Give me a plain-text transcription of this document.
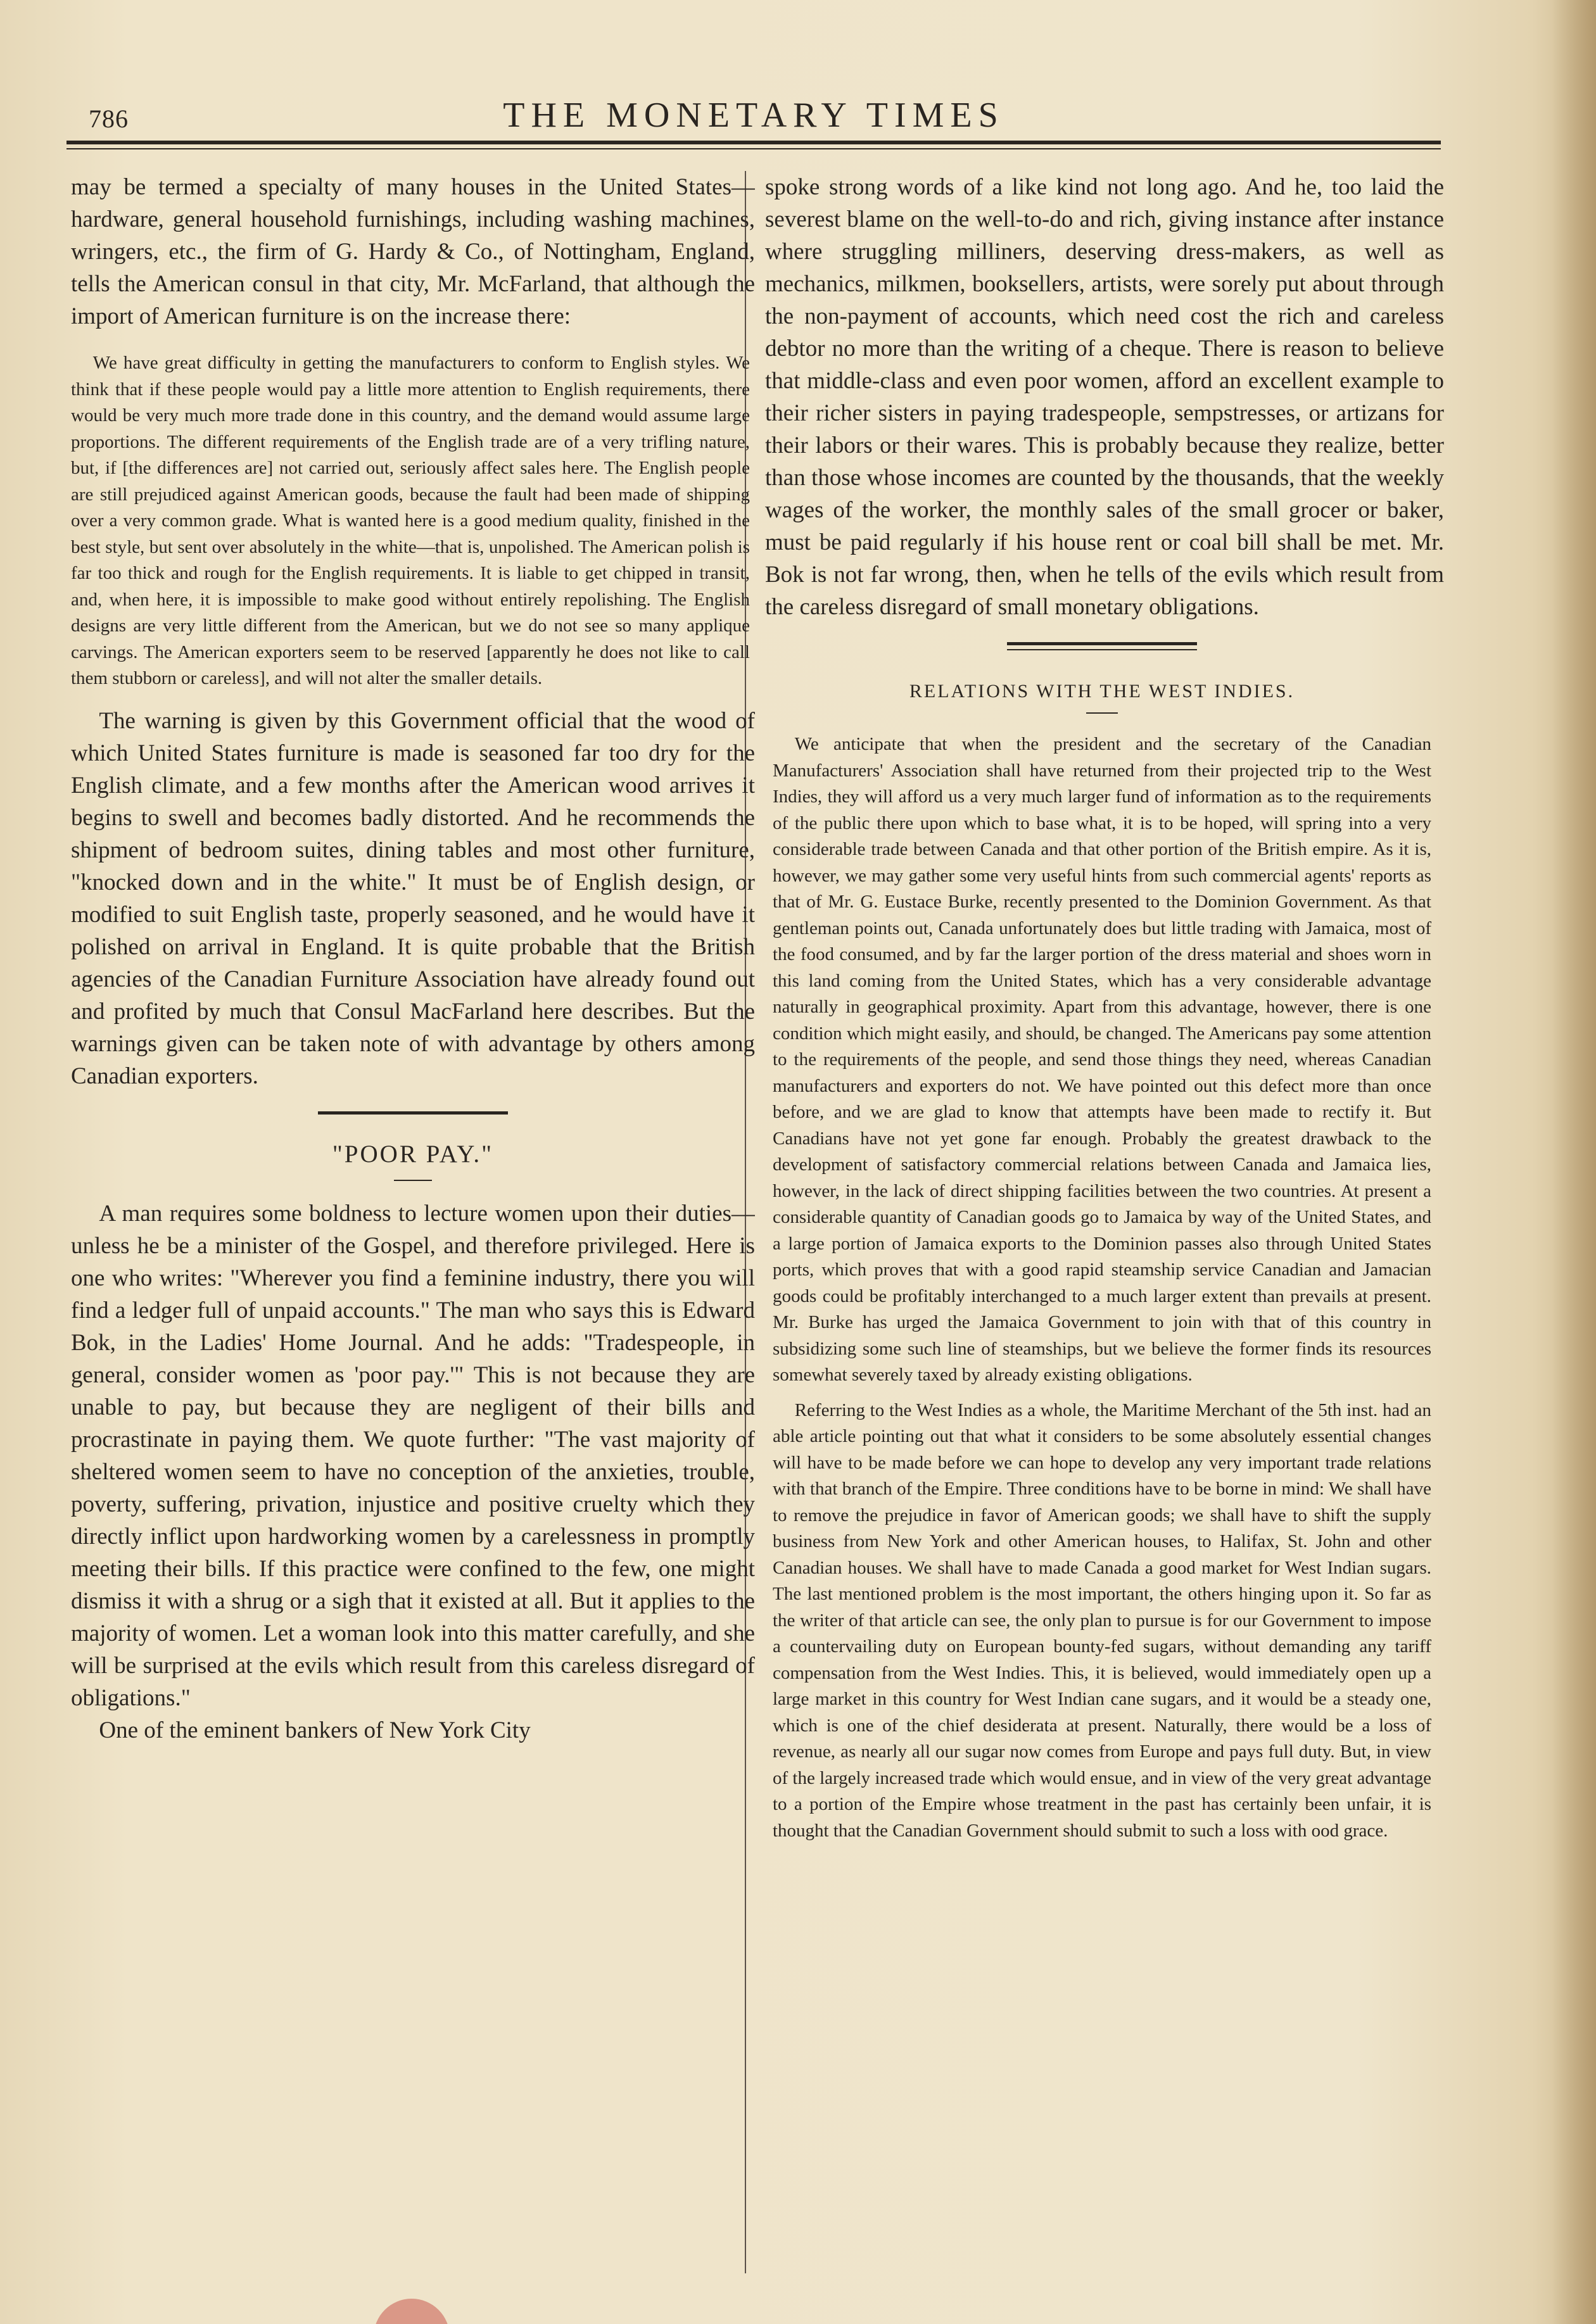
786	THE MONETARY TIMES

may be termed a specialty of many houses in the United States—hardware, general household furnishings, including washing machines, wringers, etc., the firm of G. Hardy & Co., of Nottingham, England, tells the American consul in that city, Mr. McFarland, that although the import of American furniture is on the increase there:

We have great difficulty in getting the manufacturers to conform to English styles. We think that if these people would pay a little more attention to English requirements, there would be very much more trade done in this country, and the demand would assume large proportions. The different requirements of the English trade are of a very trifling nature, but, if [the differences are] not carried out, seriously affect sales here. The English people are still prejudiced against American goods, because the fault had been made of shipping over a very common grade. What is wanted here is a good medium quality, finished in the best style, but sent over absolutely in the white—that is, unpolished. The American polish is far too thick and rough for the English requirements. It is liable to get chipped in transit, and, when here, it is impossible to make good without entirely repolishing. The English designs are very little different from the American, but we do not see so many applique carvings. The American exporters seem to be reserved [apparently he does not like to call them stubborn or careless], and will not alter the smaller details.

The warning is given by this Government official that the wood of which United States furniture is made is seasoned far too dry for the English climate, and a few months after the American wood arrives it begins to swell and becomes badly distorted. And he recommends the shipment of bedroom suites, dining tables and most other furniture, "knocked down and in the white." It must be of English design, or modified to suit English taste, properly seasoned, and he would have it polished on arrival in England. It is quite probable that the British agencies of the Canadian Furniture Association have already found out and profited by much that Consul MacFarland here describes. But the warnings given can be taken note of with advantage by others among Canadian exporters.

"POOR PAY."

A man requires some boldness to lecture women upon their duties—unless he be a minister of the Gospel, and therefore privileged. Here is one who writes: "Wherever you find a feminine industry, there you will find a ledger full of unpaid accounts." The man who says this is Edward Bok, in the Ladies' Home Journal. And he adds: "Tradespeople, in general, consider women as 'poor pay.'" This is not because they are unable to pay, but because they are negligent of their bills and procrastinate in paying them. We quote further: "The vast majority of sheltered women seem to have no conception of the anxieties, trouble, poverty, suffering, privation, injustice and positive cruelty which they directly inflict upon hardworking women by a carelessness in promptly meeting their bills. If this practice were confined to the few, one might dismiss it with a shrug or a sigh that it existed at all. But it applies to the majority of women. Let a woman look into this matter carefully, and she will be surprised at the evils which result from this careless disregard of obligations."

One of the eminent bankers of New York City

spoke strong words of a like kind not long ago. And he, too laid the severest blame on the well-to-do and rich, giving instance after instance where struggling milliners, deserving dress-makers, as well as mechanics, milkmen, booksellers, artists, were sorely put about through the non-payment of accounts, which need cost the rich and careless debtor no more than the writing of a cheque. There is reason to believe that middle-class and even poor women, afford an excellent example to their richer sisters in paying tradespeople, sempstresses, or artizans for their labors or their wares. This is probably because they realize, better than those whose incomes are counted by the thousands, that the weekly wages of the worker, the monthly sales of the small grocer or baker, must be paid regularly if his house rent or coal bill shall be met. Mr. Bok is not far wrong, then, when he tells of the evils which result from the careless disregard of small monetary obligations.

RELATIONS WITH THE WEST INDIES.

We anticipate that when the president and the secretary of the Canadian Manufacturers' Association shall have returned from their projected trip to the West Indies, they will afford us a very much larger fund of information as to the requirements of the public there upon which to base what, it is to be hoped, will spring into a very considerable trade between Canada and that other portion of the British empire. As it is, however, we may gather some very useful hints from such commercial agents' reports as that of Mr. G. Eustace Burke, recently presented to the Dominion Government. As that gentleman points out, Canada unfortunately does but little trading with Jamaica, most of the food consumed, and by far the larger portion of the dress material and shoes worn in this land coming from the United States, which has a very considerable advantage naturally in geographical proximity. Apart from this advantage, however, there is one condition which might easily, and should, be changed. The Americans pay some attention to the requirements of the people, and send those things they need, whereas Canadian manufacturers and exporters do not. We have pointed out this defect more than once before, and we are glad to know that attempts have been made to rectify it. But Canadians have not yet gone far enough. Probably the greatest drawback to the development of satisfactory commercial relations between Canada and Jamaica lies, however, in the lack of direct shipping facilities between the two countries. At present a considerable quantity of Canadian goods go to Jamaica by way of the United States, and a large portion of Jamaica exports to the Dominion passes also through United States ports, which proves that with a good rapid steamship service Canadian and Jamacian goods could be profitably interchanged to a much larger extent than prevails at present. Mr. Burke has urged the Jamaica Government to join with that of this country in subsidizing some such line of steamships, but we believe the former finds its resources somewhat severely taxed by already existing obligations.

Referring to the West Indies as a whole, the Maritime Merchant of the 5th inst. had an able article pointing out that what it considers to be some absolutely essential changes will have to be made before we can hope to develop any very important trade relations with that branch of the Empire. Three conditions have to be borne in mind: We shall have to remove the prejudice in favor of American goods; we shall have to shift the supply business from New York and other American houses, to Halifax, St. John and other Canadian houses. We shall have to made Canada a good market for West Indian sugars. The last mentioned problem is the most important, the others hinging upon it. So far as the writer of that article can see, the only plan to pursue is for our Government to impose a countervailing duty on European bounty-fed sugars, without demanding any tariff compensation from the West Indies. This, it is believed, would immediately open up a large market in this country for West Indian cane sugars, and it would be a steady one, which is one of the chief desiderata at present. Naturally, there would be a loss of revenue, as nearly all our sugar now comes from Europe and pays full duty. But, in view of the largely increased trade which would ensue, and in view of the very great advantage to a portion of the Empire whose treatment in the past has certainly been unfair, it is thought that the Canadian Government should submit to such a loss with ood grace.
